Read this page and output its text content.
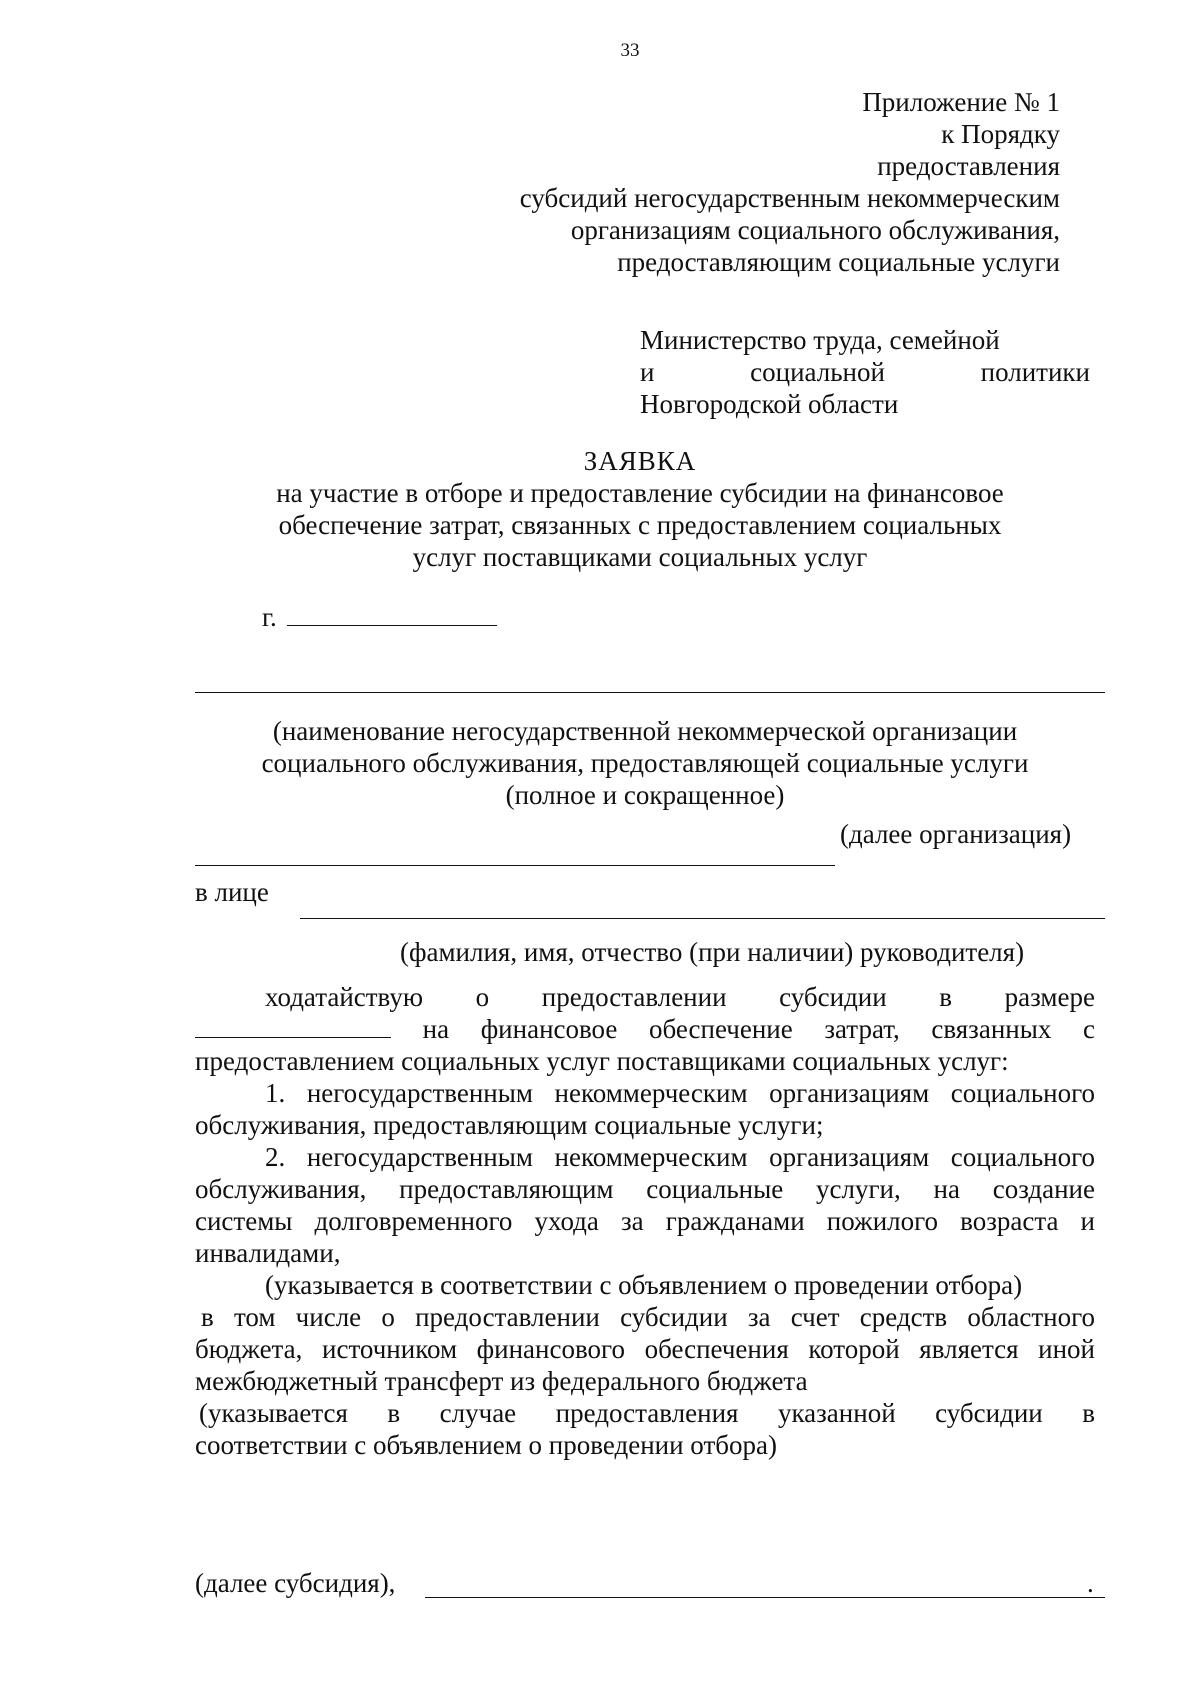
33
Приложение № 1
к Порядку
предоставления
субсидий негосударственным некоммерческим
организациям социального обслуживания,
предоставляющим социальные услуги
Министерство труда, семейной
и	социальной	политики
Новгородской области
ЗАЯВКА
на участие в отборе и предоставление субсидии на финансовое
обеспечение затрат, связанных с предоставлением социальных
услуг поставщиками социальных услуг
г.
(наименование негосударственной некоммерческой организации
социального обслуживания, предоставляющей социальные услуги
(полное и сокращенное)
(далее организация)
в лице
(фамилия, имя, отчество (при наличии) руководителя)
ходатайствую о предоставлении субсидии в размере
на финансовое обеспечение затрат, связанных с
предоставлением социальных услуг поставщиками социальных услуг:
1. негосударственным некоммерческим организациям социального
обслуживания, предоставляющим социальные услуги;
2. негосударственным некоммерческим организациям социального
обслуживания, предоставляющим социальные услуги, на создание
системы долговременного ухода за гражданами пожилого возраста и
инвалидами,
(указывается в соответствии с объявлением о проведении отбора)
в том числе о предоставлении субсидии за счет средств областного
бюджета, источником финансового обеспечения которой является иной
межбюджетный трансферт из федерального бюджета
(указывается в случае предоставления указанной субсидии в
соответствии с объявлением о проведении отбора)
(далее субсидия),	.
